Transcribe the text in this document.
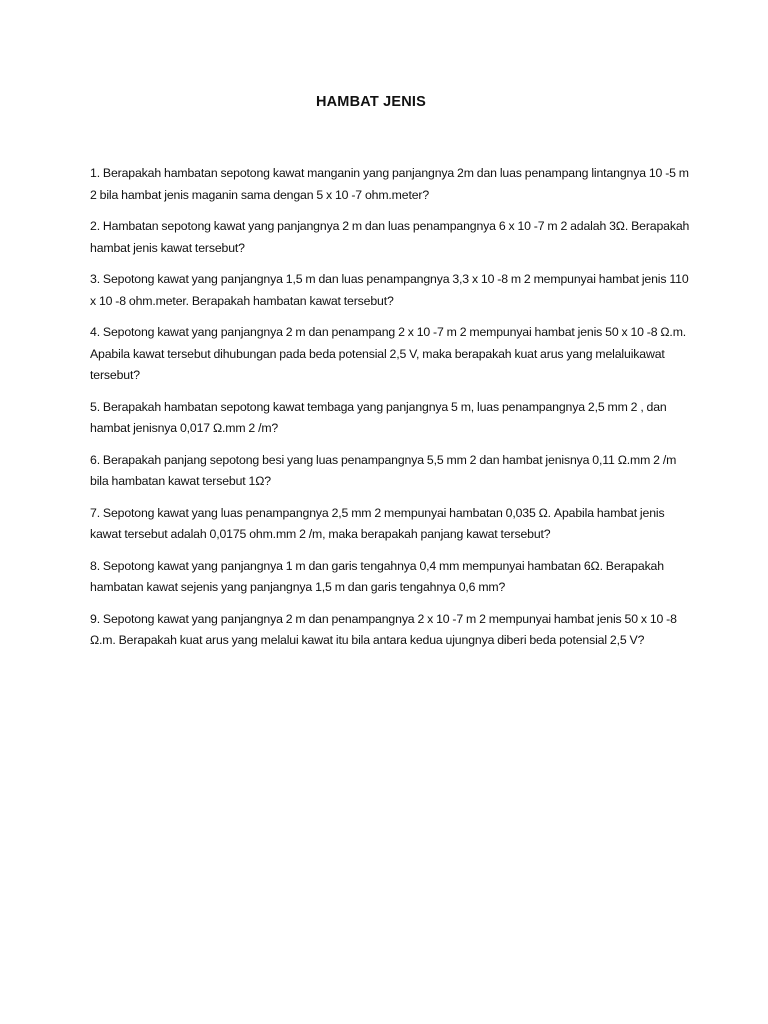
HAMBAT JENIS

1. Berapakah hambatan sepotong kawat manganin yang panjangnya 2m dan luas penampang lintangnya 10 -5 m 2 bila hambat jenis maganin sama dengan 5 x 10 -7 ohm.meter?

2. Hambatan sepotong kawat yang panjangnya 2 m dan luas penampangnya 6 x 10 -7 m 2 adalah 3Ω. Berapakah hambat jenis kawat tersebut?

3. Sepotong kawat yang panjangnya 1,5 m dan luas penampangnya 3,3 x 10 -8 m 2 mempunyai hambat jenis 110 x 10 -8 ohm.meter. Berapakah hambatan kawat tersebut?

4. Sepotong kawat yang panjangnya 2 m dan penampang 2 x 10 -7 m 2 mempunyai hambat jenis 50 x 10 -8 Ω.m. Apabila kawat tersebut dihubungan pada beda potensial 2,5 V, maka berapakah kuat arus yang melaluikawat tersebut?

5. Berapakah hambatan sepotong kawat tembaga yang panjangnya 5 m, luas penampangnya 2,5 mm 2 , dan hambat jenisnya 0,017 Ω.mm 2 /m?

6. Berapakah panjang sepotong besi yang luas penampangnya 5,5 mm 2 dan hambat jenisnya 0,11 Ω.mm 2 /m bila hambatan kawat tersebut 1Ω?

7. Sepotong kawat yang luas penampangnya 2,5 mm 2 mempunyai hambatan 0,035 Ω. Apabila hambat jenis kawat tersebut adalah 0,0175 ohm.mm 2 /m, maka berapakah panjang kawat tersebut?

8. Sepotong kawat yang panjangnya 1 m dan garis tengahnya 0,4 mm mempunyai hambatan 6Ω. Berapakah hambatan kawat sejenis yang panjangnya 1,5 m dan garis tengahnya 0,6 mm?

9. Sepotong kawat yang panjangnya 2 m dan penampangnya 2 x 10 -7 m 2 mempunyai hambat jenis 50 x 10 -8 Ω.m. Berapakah kuat arus yang melalui kawat itu bila antara kedua ujungnya diberi beda potensial 2,5 V?
